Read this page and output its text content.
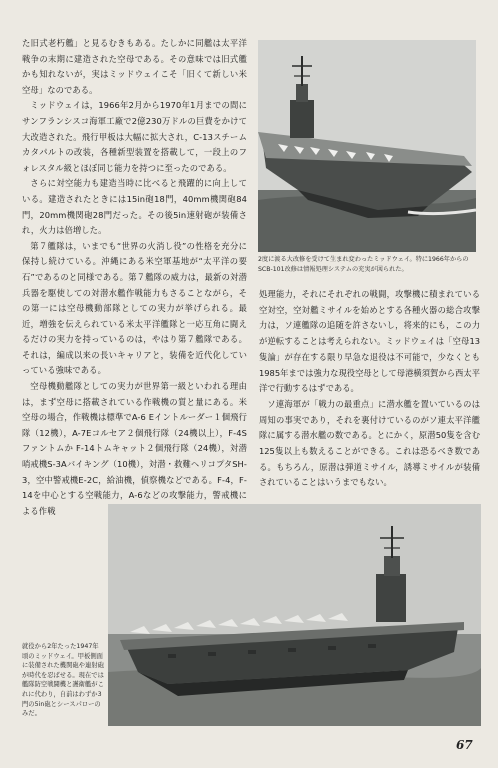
た旧式老朽艦」と見るむきもある。たしかに同艦は太平洋戦争の末期に建造された空母である。その意味では旧式艦かも知れないが，実はミッドウェイこそ「旧くて新しい米空母」なのである。

ミッドウェイは，1966年2月から1970年1月までの間にサンフランシスコ海軍工廠で2億230万ドルの巨費をかけて大改造された。飛行甲板は大幅に拡大され，C-13スチームカタパルトの改装，各種新型装置を搭載して，一段上のフォレスタル級とほぼ同じ能力を持つに至ったのである。

さらに対空能力も建造当時に比べると飛躍的に向上している。建造されたときには15in砲18門，40mm機関砲84門，20mm機関砲28門だった。その後5in速射砲が装備され，火力は倍増した。

第７艦隊は，いまでも“世界の火消し役”の性格を充分に保持し続けている。沖縄にある米空軍基地が“太平洋の要石”であるのと同様である。第７艦隊の威力は，最新の対潜兵器を駆使しての対潜水艦作戦能力もさることながら，その第一には空母機動部隊としての実力が挙げられる。最近，増強を伝えられている米太平洋艦隊と一応互角に闘えるだけの実力を持っているのは，やはり第７艦隊である。それは，編成以来の長いキャリアと，装備を近代化していっている強味である。

空母機動艦隊としての実力が世界第一級といわれる理由は，まず空母に搭載されている作戦機の質と量にある。米空母の場合，作戦機は標準でA-6 Eイントルーダー１個飛行隊（12機），A-7Eコルセア２個飛行隊（24機以上），F-4Sファントムか F-14トムキャット２個飛行隊（24機），対潜哨戒機S-3Aバイキング（10機），対潜・救難ヘリコプタSH-3，空中警戒機E-2C，給油機，偵察機などである。F-4，F-14を中心とする空戦能力，A-6などの攻撃能力，警戒機による作戦

2度に渡る大改修を受けて生まれ変わったミッドウェイ。特に1966年からのSCB-101改修は情報処理システムの充実が図られた。

処理能力，それにそれぞれの戦闘，攻撃機に積まれている空対空，空対艦ミサイルを始めとする各種火器の総合攻撃力は，ソ連艦隊の追随を許さないし，将来的にも，この力が逆転することは考えられない。ミッドウェイは「空母13隻論」が存在する限り早急な退役は不可能で，少なくとも1985年までは強力な現役空母として母港横須賀から西太平洋で行動するはずである。

ソ連海軍が「戦力の最重点」に潜水艦を置いているのは周知の事実であり，それを裏付けているのがソ連太平洋艦隊に属する潜水艦の数である。とにかく，原潜50隻を含む125隻以上も数えることができる。これは恐るべき数である。もちろん，原潜は弾道ミサイル，誘導ミサイルが装備されていることはいうまでもない。

就役から2年たった1947年頃のミッドウェイ。甲板側面に装備された機関砲や連射砲が時代を忍ばせる。現在では艦隊防空戦闘機と護衛艦がこれに代わり，自前はわずか3門の5in砲とシースパローのみだ。
67
